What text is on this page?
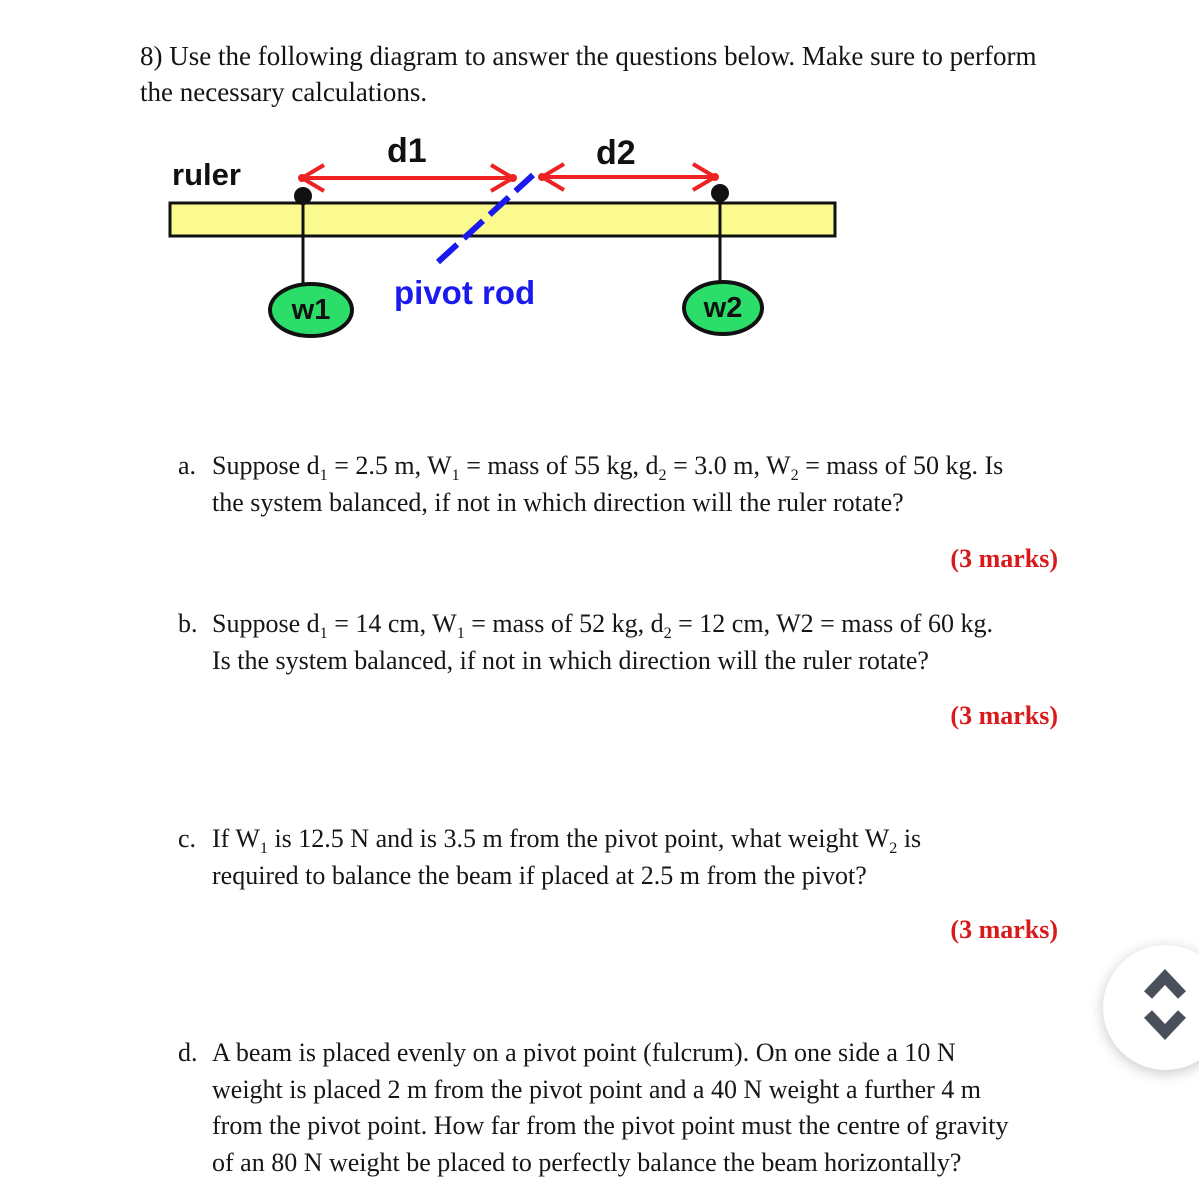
8) Use the following diagram to answer the questions below. Make sure to perform
the necessary calculations.
ruler
d1	d2
pivot rod
w1	w2
a. Suppose $d_1 = 2.5$ m, $W_1$ = mass of 55 kg, $d_2 = 3.0$ m, $W_2$ = mass of 50 kg. Is
the system balanced, if not in which direction will the ruler rotate?
(3 marks)
b. Suppose $d_1 = 14$ cm, $W_1$ = mass of 52 kg, $d_2 = 12$ cm, W2 = mass of 60 kg.
Is the system balanced, if not in which direction will the ruler rotate?
(3 marks)
c. If $W_1$ is 12.5 N and is 3.5 m from the pivot point, what weight $W_2$ is
required to balance the beam if placed at 2.5 m from the pivot?
(3 marks)
d. A beam is placed evenly on a pivot point (fulcrum). On one side a 10 N
weight is placed 2 m from the pivot point and a 40 N weight a further 4 m
from the pivot point. How far from the pivot point must the centre of gravity
of an 80 N weight be placed to perfectly balance the beam horizontally?
